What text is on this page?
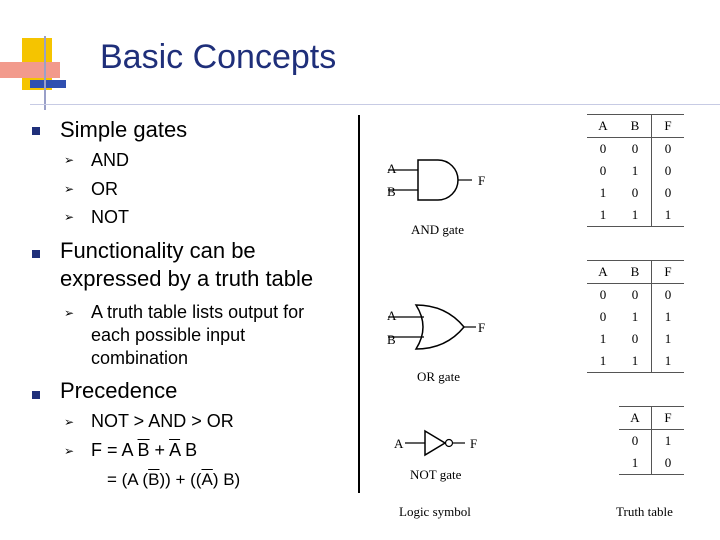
Basic Concepts
Simple gates
➢ AND
➢ OR
➢ NOT
Functionality can be
expressed by a truth table
➢ A truth table lists output for
each possible input
combination
Precedence
➢ NOT > AND > OR
➢ F = A $\overline{B} + \overline{A}$ B
= (A $(\overline{B})) + ((\overline{A})$ B)
A
B
F
AND gate
A
B
F
OR gate
A	F
NOT gate
Logic symbol	Truth table
A	B	F
0	0	0
0	1	0
1	0	0
1	1	1
A	B	F
0	0	0
0	1	1
1	0	1
1	1	1
A	F
0	1
1	0
